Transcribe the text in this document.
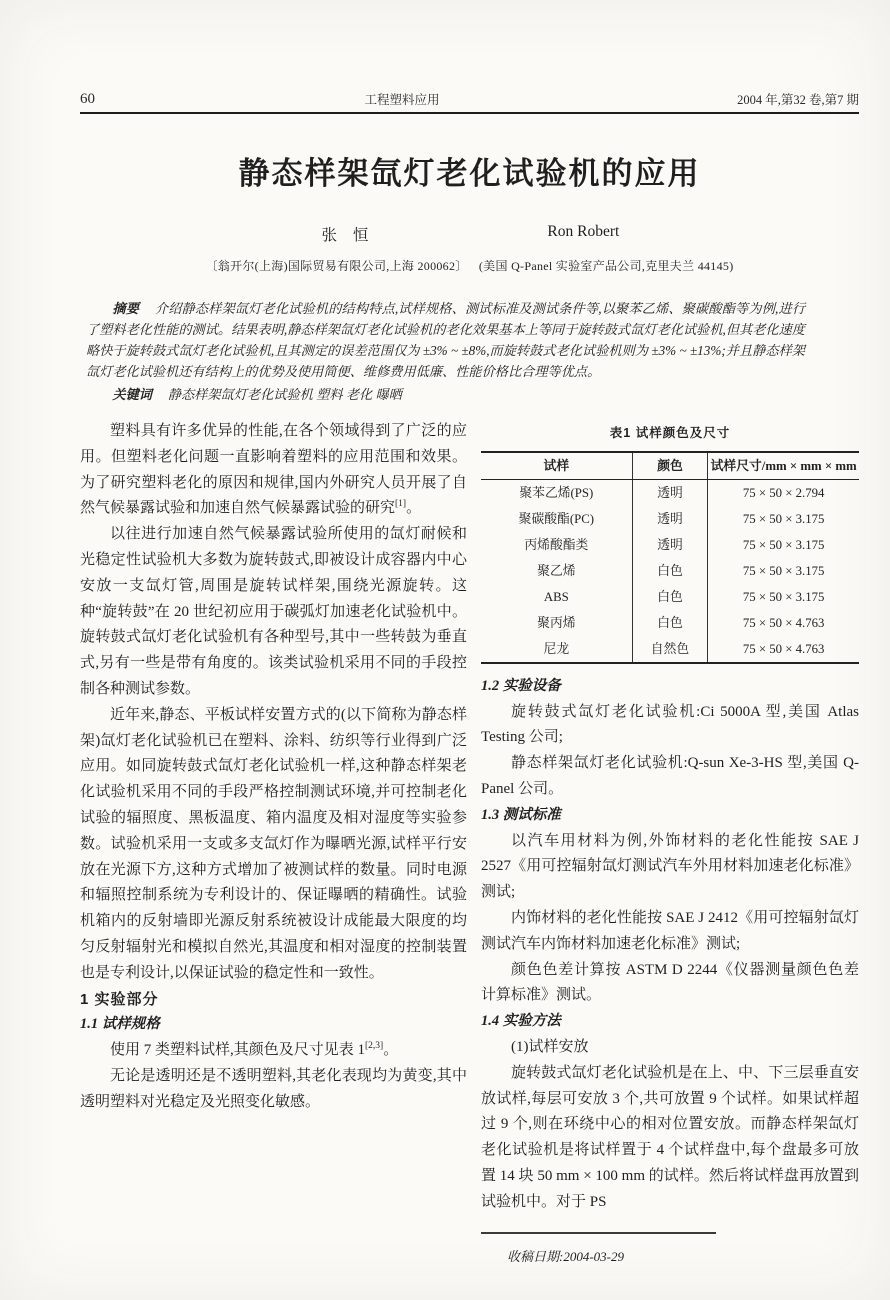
60	工程塑料应用	2004 年,第32 卷,第7 期
静态样架氙灯老化试验机的应用
张 恒	Ron Robert
〔翁开尔(上海)国际贸易有限公司,上海 200062〕 (美国 Q-Panel 实验室产品公司,克里夫兰 44145)

摘要 介绍静态样架氙灯老化试验机的结构特点,试样规格、测试标准及测试条件等,以聚苯乙烯、聚碳酸酯等为例,进行了塑料老化性能的测试。结果表明,静态样架氙灯老化试验机的老化效果基本上等同于旋转鼓式氙灯老化试验机,但其老化速度略快于旋转鼓式氙灯老化试验机,且其测定的误差范围仅为 ±3% ~ ±8%,而旋转鼓式老化试验机则为 ±3% ~ ±13%;并且静态样架氙灯老化试验机还有结构上的优势及使用简便、维修费用低廉、性能价格比合理等优点。

关键词 静态样架氙灯老化试验机 塑料 老化 曝晒

塑料具有许多优异的性能,在各个领域得到了广泛的应用。但塑料老化问题一直影响着塑料的应用范围和效果。为了研究塑料老化的原因和规律,国内外研究人员开展了自然气候暴露试验和加速自然气候暴露试验的研究[1]。

以往进行加速自然气候暴露试验所使用的氙灯耐候和光稳定性试验机大多数为旋转鼓式,即被设计成容器内中心安放一支氙灯管,周围是旋转试样架,围绕光源旋转。这种“旋转鼓”在 20 世纪初应用于碳弧灯加速老化试验机中。旋转鼓式氙灯老化试验机有各种型号,其中一些转鼓为垂直式,另有一些是带有角度的。该类试验机采用不同的手段控制各种测试参数。

近年来,静态、平板试样安置方式的(以下简称为静态样架)氙灯老化试验机已在塑料、涂料、纺织等行业得到广泛应用。如同旋转鼓式氙灯老化试验机一样,这种静态样架老化试验机采用不同的手段严格控制测试环境,并可控制老化试验的辐照度、黑板温度、箱内温度及相对湿度等实验参数。试验机采用一支或多支氙灯作为曝晒光源,试样平行安放在光源下方,这种方式增加了被测试样的数量。同时电源和辐照控制系统为专利设计的、保证曝晒的精确性。试验机箱内的反射墙即光源反射系统被设计成能最大限度的均匀反射辐射光和模拟自然光,其温度和相对湿度的控制装置也是专利设计,以保证试验的稳定性和一致性。

1 实验部分
1.1 试样规格

使用 7 类塑料试样,其颜色及尺寸见表 1[2,3]。

无论是透明还是不透明塑料,其老化表现均为黄变,其中透明塑料对光稳定及光照变化敏感。

表1 试样颜色及尺寸
试样	颜色	试样尺寸/mm × mm × mm
聚苯乙烯(PS)	透明	75 × 50 × 2.794
聚碳酸酯(PC)	透明	75 × 50 × 3.175
丙烯酸酯类	透明	75 × 50 × 3.175
聚乙烯	白色	75 × 50 × 3.175
ABS	白色	75 × 50 × 3.175
聚丙烯	白色	75 × 50 × 4.763
尼龙	自然色	75 × 50 × 4.763
1.2 实验设备

旋转鼓式氙灯老化试验机:Ci 5000A 型,美国 Atlas Testing 公司;

静态样架氙灯老化试验机:Q-sun Xe-3-HS 型,美国 Q-Panel 公司。

1.3 测试标准

以汽车用材料为例,外饰材料的老化性能按 SAE J 2527《用可控辐射氙灯测试汽车外用材料加速老化标准》测试;

内饰材料的老化性能按 SAE J 2412《用可控辐射氙灯测试汽车内饰材料加速老化标准》测试;

颜色色差计算按 ASTM D 2244《仪器测量颜色色差计算标准》测试。

1.4 实验方法

(1)试样安放

旋转鼓式氙灯老化试验机是在上、中、下三层垂直安放试样,每层可安放 3 个,共可放置 9 个试样。如果试样超过 9 个,则在环绕中心的相对位置安放。而静态样架氙灯老化试验机是将试样置于 4 个试样盘中,每个盘最多可放置 14 块 50 mm × 100 mm 的试样。然后将试样盘再放置到试验机中。对于 PS

收稿日期:2004-03-29
